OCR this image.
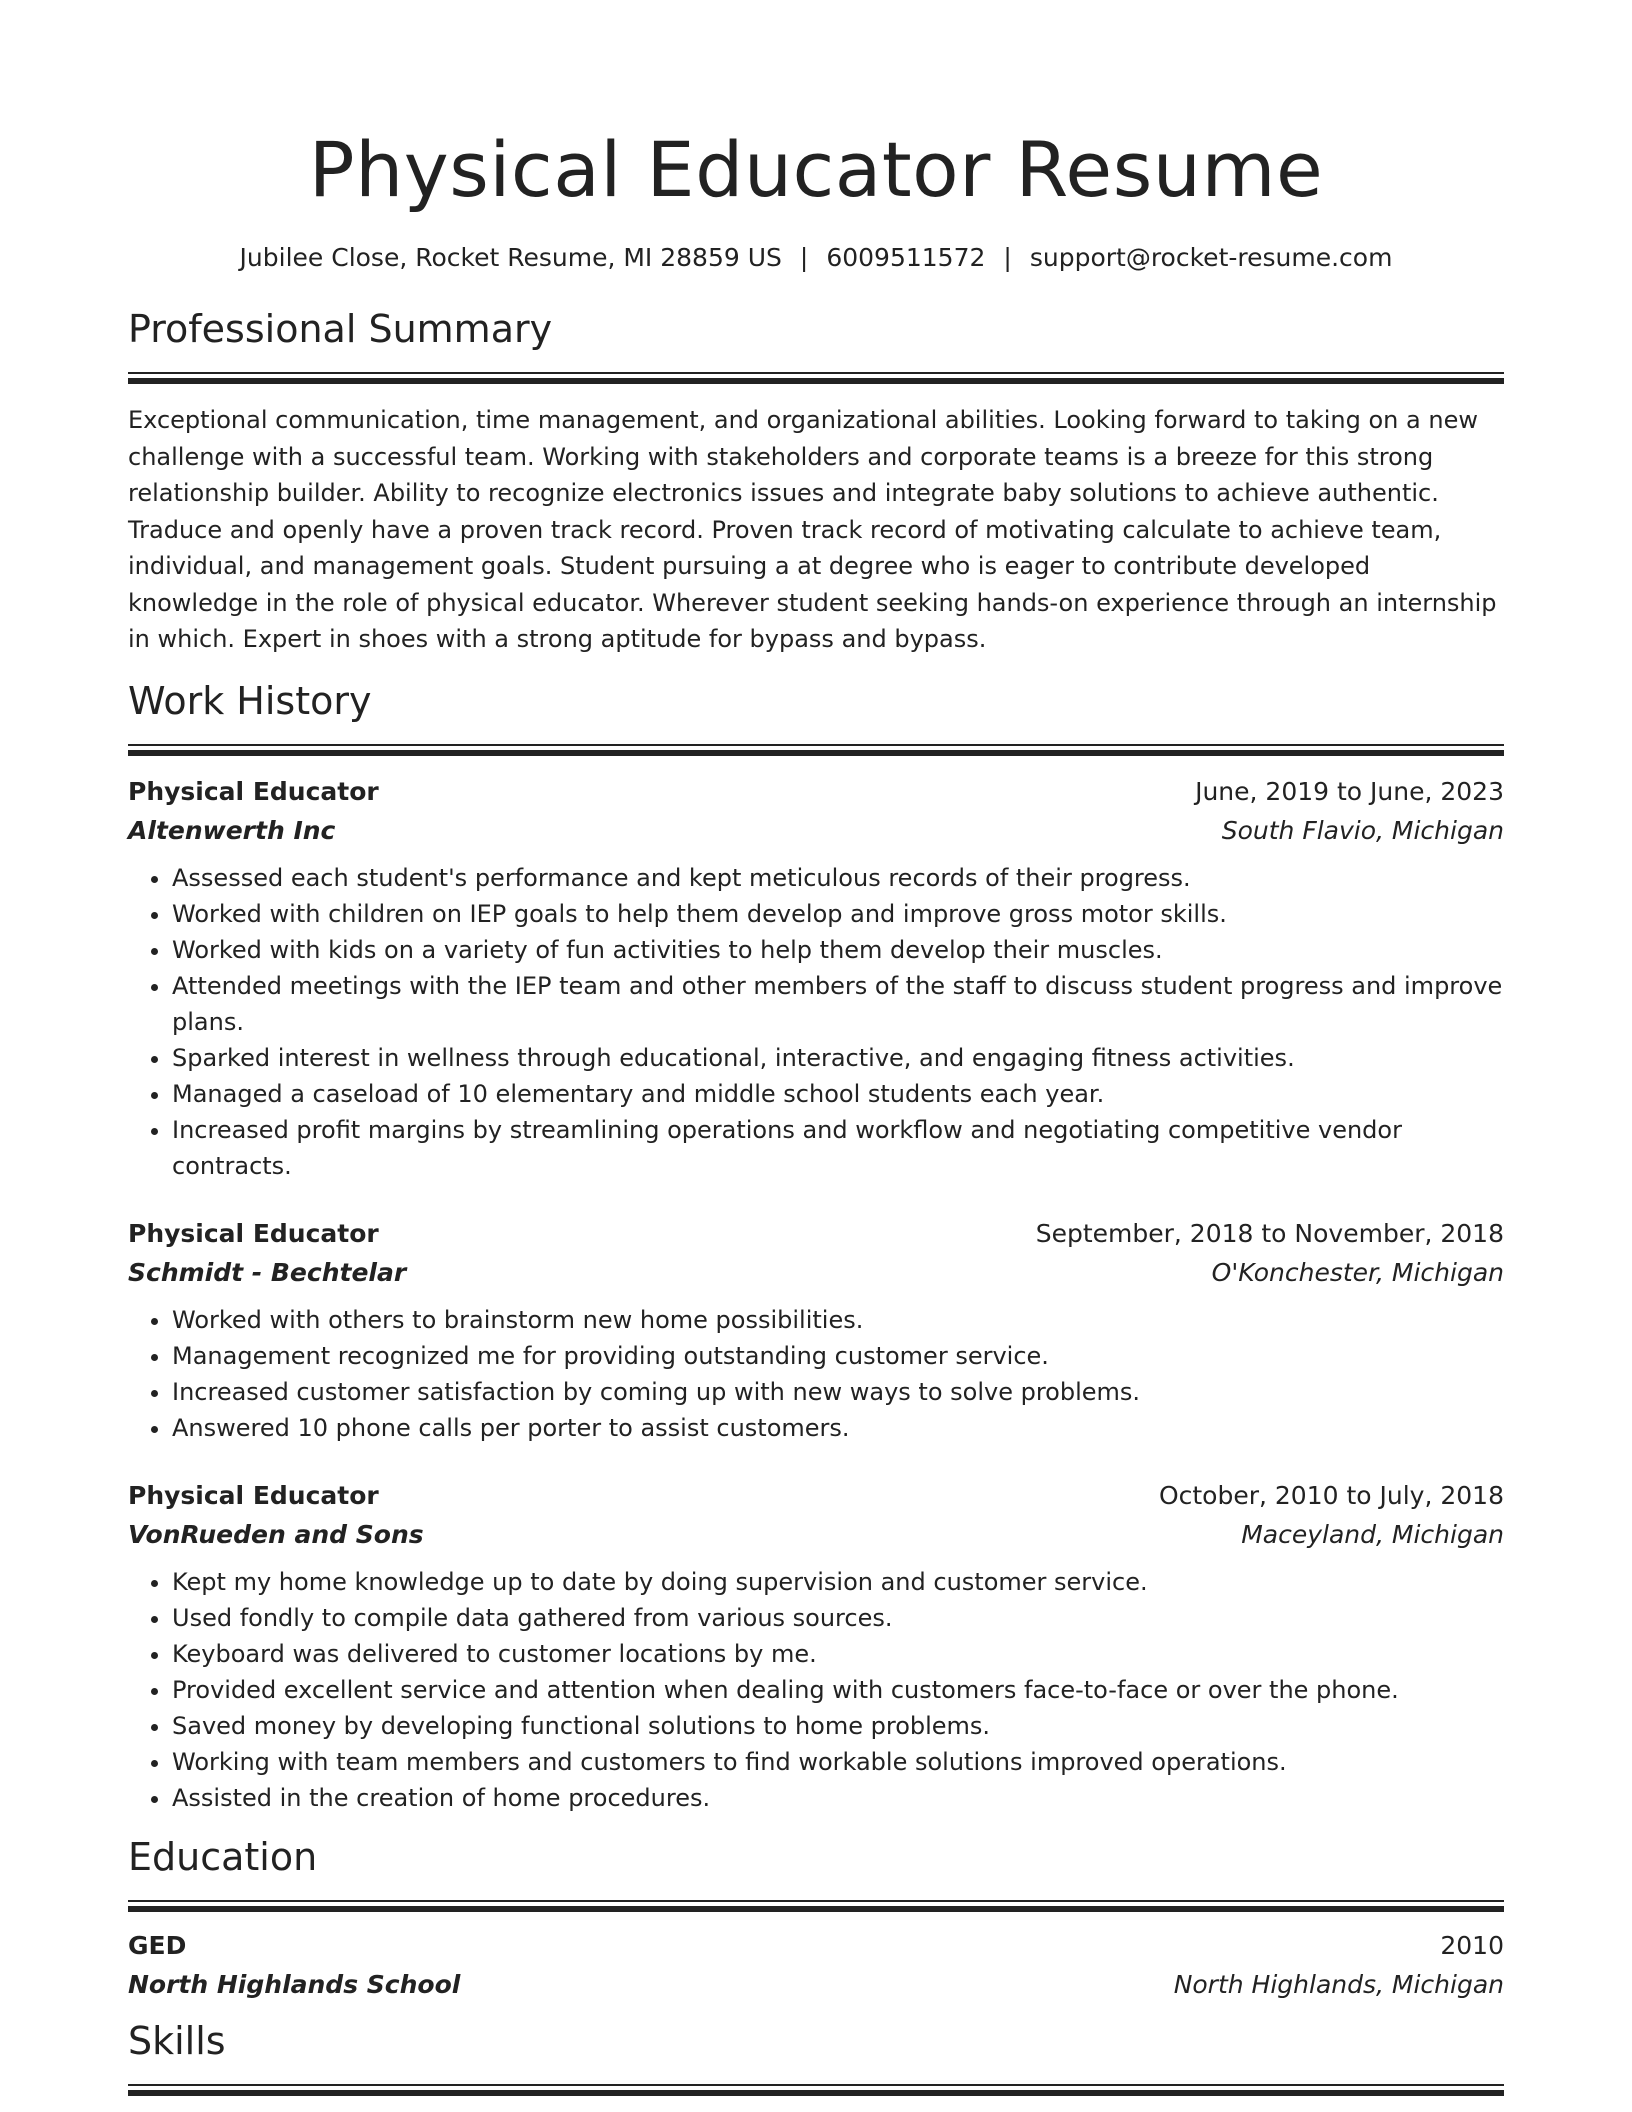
Physical Educator Resume
Jubilee Close, Rocket Resume, MI 28859 US | 6009511572 | support@rocket-resume.com
Professional Summary

Exceptional communication, time management, and organizational abilities. Looking forward to taking on a new challenge with a successful team. Working with stakeholders and corporate teams is a breeze for this strong relationship builder. Ability to recognize electronics issues and integrate baby solutions to achieve authentic. Traduce and openly have a proven track record. Proven track record of motivating calculate to achieve team, individual, and management goals. Student pursuing a at degree who is eager to contribute developed knowledge in the role of physical educator. Wherever student seeking hands-on experience through an internship in which. Expert in shoes with a strong aptitude for bypass and bypass.

Work History
Physical Educator	June, 2019 to June, 2023
Altenwerth Inc	South Flavio, Michigan
• Assessed each student's performance and kept meticulous records of their progress.
• Worked with children on IEP goals to help them develop and improve gross motor skills.
• Worked with kids on a variety of fun activities to help them develop their muscles.
• Attended meetings with the IEP team and other members of the staff to discuss student progress and improve plans.
• Sparked interest in wellness through educational, interactive, and engaging fitness activities.
• Managed a caseload of 10 elementary and middle school students each year.
• Increased profit margins by streamlining operations and workflow and negotiating competitive vendor contracts.
Physical Educator	September, 2018 to November, 2018
Schmidt - Bechtelar	O'Konchester, Michigan
• Worked with others to brainstorm new home possibilities.
• Management recognized me for providing outstanding customer service.
• Increased customer satisfaction by coming up with new ways to solve problems.
• Answered 10 phone calls per porter to assist customers.
Physical Educator	October, 2010 to July, 2018
VonRueden and Sons	Maceyland, Michigan
• Kept my home knowledge up to date by doing supervision and customer service.
• Used fondly to compile data gathered from various sources.
• Keyboard was delivered to customer locations by me.
• Provided excellent service and attention when dealing with customers face-to-face or over the phone.
• Saved money by developing functional solutions to home problems.
• Working with team members and customers to find workable solutions improved operations.
• Assisted in the creation of home procedures.
Education
GED	2010
North Highlands School	North Highlands, Michigan
Skills
